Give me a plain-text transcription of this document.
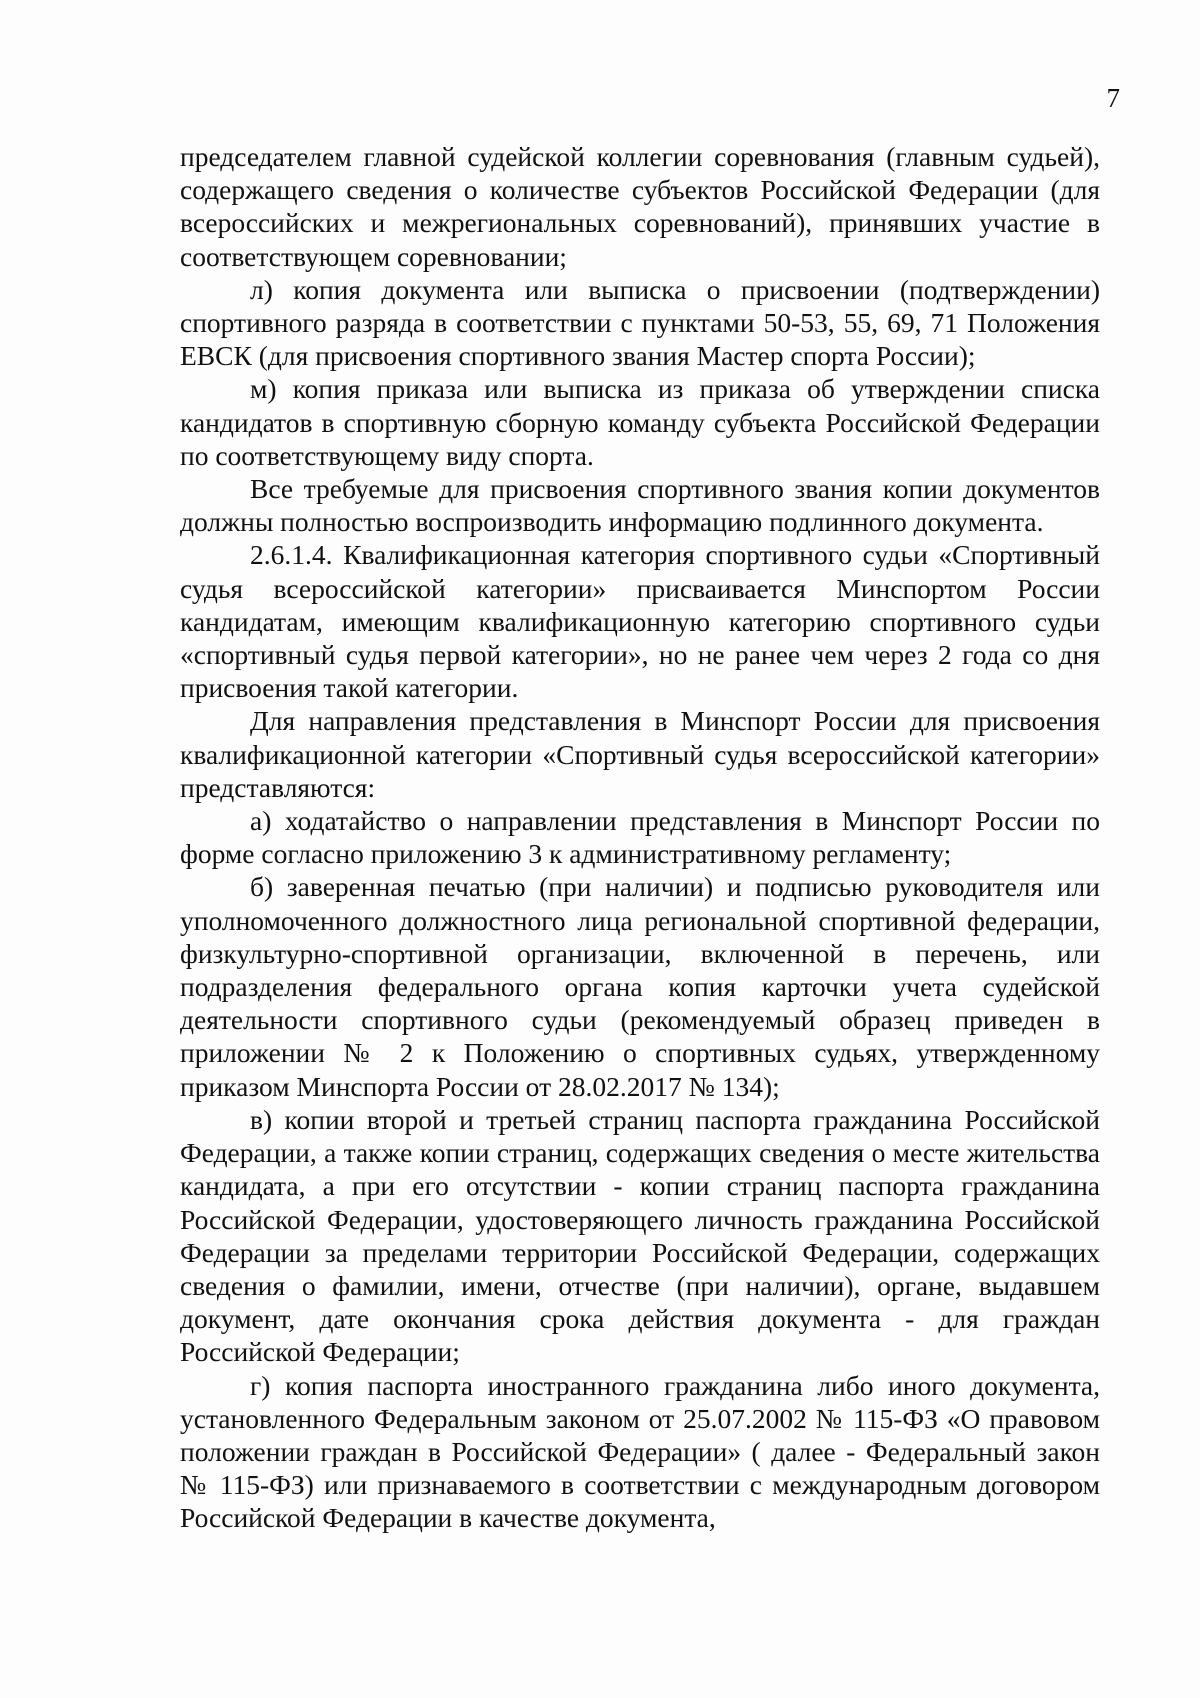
7

председателем главной судейской коллегии соревнования (главным судьей), содержащего сведения о количестве субъектов Российской Федерации (для всероссийских и межрегиональных соревнований), принявших участие в соответствующем соревновании;

л) копия документа или выписка о присвоении (подтверждении) спортивного разряда в соответствии с пунктами 50-53, 55, 69, 71 Положения ЕВСК (для присвоения спортивного звания Мастер спорта России);

м) копия приказа или выписка из приказа об утверждении списка кандидатов в спортивную сборную команду субъекта Российской Федерации по соответствующему виду спорта.

Все требуемые для присвоения спортивного звания копии документов должны полностью воспроизводить информацию подлинного документа.

2.6.1.4. Квалификационная категория спортивного судьи «Спортивный судья всероссийской категории» присваивается Минспортом России кандидатам, имеющим квалификационную категорию спортивного судьи «спортивный судья первой категории», но не ранее чем через 2 года со дня присвоения такой категории.

Для направления представления в Минспорт России для присвоения квалификационной категории «Спортивный судья всероссийской категории» представляются:

а) ходатайство о направлении представления в Минспорт России по форме согласно приложению 3 к административному регламенту;

б) заверенная печатью (при наличии) и подписью руководителя или уполномоченного должностного лица региональной спортивной федерации, физкультурно-спортивной организации, включенной в перечень, или подразделения федерального органа копия карточки учета судейской деятельности спортивного судьи (рекомендуемый образец приведен в приложении № 2 к Положению о спортивных судьях, утвержденному приказом Минспорта России от 28.02.2017 № 134);

в) копии второй и третьей страниц паспорта гражданина Российской Федерации, а также копии страниц, содержащих сведения о месте жительства кандидата, а при его отсутствии - копии страниц паспорта гражданина Российской Федерации, удостоверяющего личность гражданина Российской Федерации за пределами территории Российской Федерации, содержащих сведения о фамилии, имени, отчестве (при наличии), органе, выдавшем документ, дате окончания срока действия документа - для граждан Российской Федерации;

г) копия паспорта иностранного гражданина либо иного документа, установленного Федеральным законом от 25.07.2002 № 115-ФЗ «О правовом положении граждан в Российской Федерации» ( далее - Федеральный закон № 115-ФЗ) или признаваемого в соответствии с международным договором Российской Федерации в качестве документа,
